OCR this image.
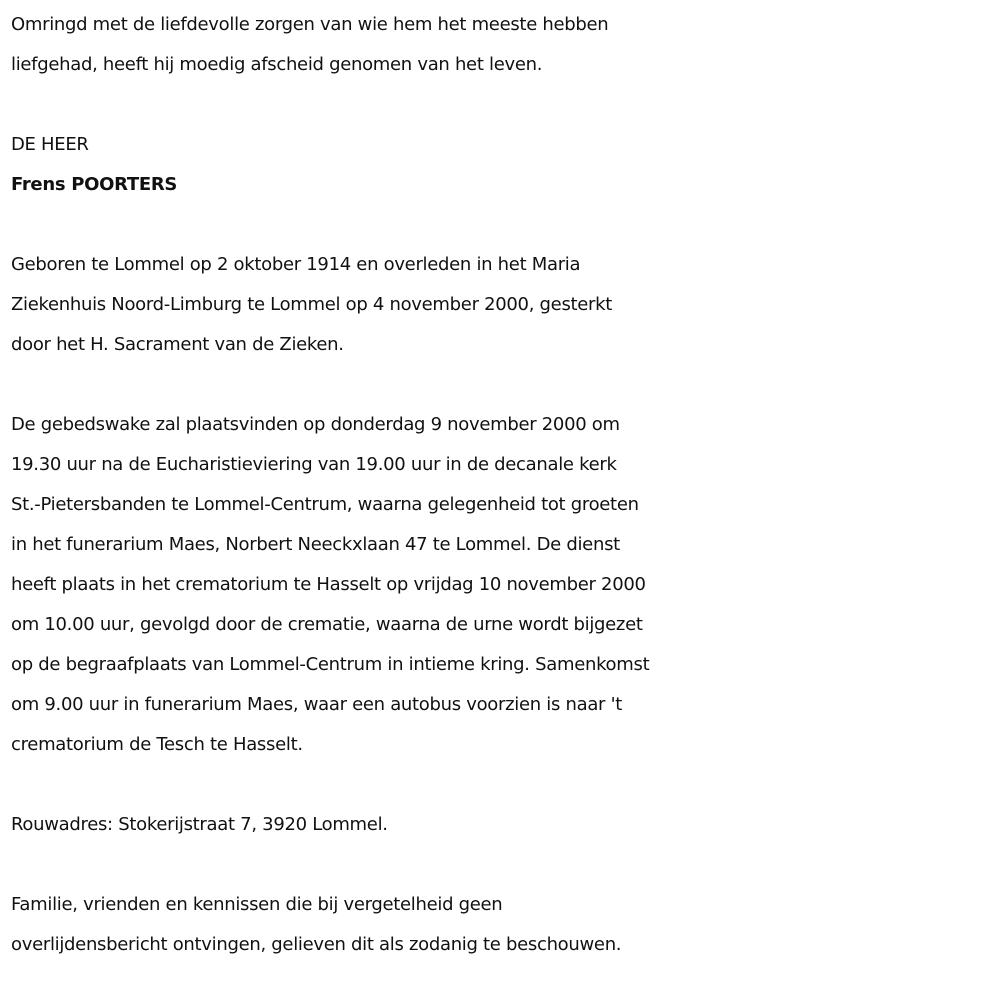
Omringd met de liefdevolle zorgen van wie hem het meeste hebben
liefgehad, heeft hij moedig afscheid genomen van het leven.

DE HEER
Frens POORTERS

Geboren te Lommel op 2 oktober 1914 en overleden in het Maria
Ziekenhuis Noord-Limburg te Lommel op 4 november 2000, gesterkt
door het H. Sacrament van de Zieken.

De gebedswake zal plaatsvinden op donderdag 9 november 2000 om
19.30 uur na de Eucharistieviering van 19.00 uur in de decanale kerk
St.-Pietersbanden te Lommel-Centrum, waarna gelegenheid tot groeten
in het funerarium Maes, Norbert Neeckxlaan 47 te Lommel. De dienst
heeft plaats in het crematorium te Hasselt op vrijdag 10 november 2000
om 10.00 uur, gevolgd door de crematie, waarna de urne wordt bijgezet
op de begraafplaats van Lommel-Centrum in intieme kring. Samenkomst
om 9.00 uur in funerarium Maes, waar een autobus voorzien is naar 't
crematorium de Tesch te Hasselt.

Rouwadres: Stokerijstraat 7, 3920 Lommel.

Familie, vrienden en kennissen die bij vergetelheid geen
overlijdensbericht ontvingen, gelieven dit als zodanig te beschouwen.
